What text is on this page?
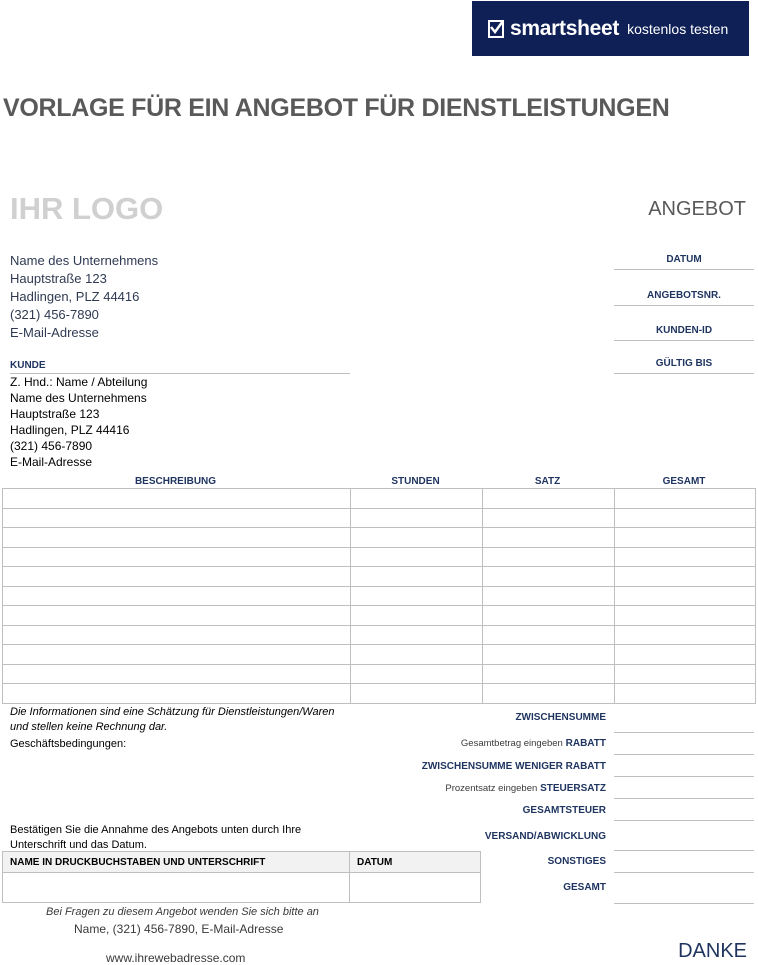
smartsheet kostenlos testen
VORLAGE FÜR EIN ANGEBOT FÜR DIENSTLEISTUNGEN
IHR LOGO	ANGEBOT
Name des Unternehmens
Hauptstraße 123
Hadlingen, PLZ 44416
(321) 456-7890
E-Mail-Adresse
DATUM
ANGEBOTSNR.
KUNDEN-ID
GÜLTIG BIS
KUNDE
Z. Hnd.: Name / Abteilung
Name des Unternehmens
Hauptstraße 123
Hadlingen, PLZ 44416
(321) 456-7890
E-Mail-Adresse
BESCHREIBUNG	STUNDEN	SATZ	GESAMT

Die Informationen sind eine Schätzung für Dienstleistungen/Waren und stellen keine Rechnung dar.
Geschäftsbedingungen:
Bestätigen Sie die Annahme des Angebots unten durch Ihre Unterschrift und das Datum.
ZWISCHENSUMME
Gesamtbetrag eingeben RABATT
ZWISCHENSUMME WENIGER RABATT
Prozentsatz eingeben STEUERSATZ
GESAMTSTEUER
VERSAND/ABWICKLUNG
SONSTIGES
GESAMT
NAME IN DRUCKBUCHSTABEN UND UNTERSCHRIFT	DATUM
Bei Fragen zu diesem Angebot wenden Sie sich bitte an
Name, (321) 456-7890, E-Mail-Adresse
www.ihrewebadresse.com	DANKE
